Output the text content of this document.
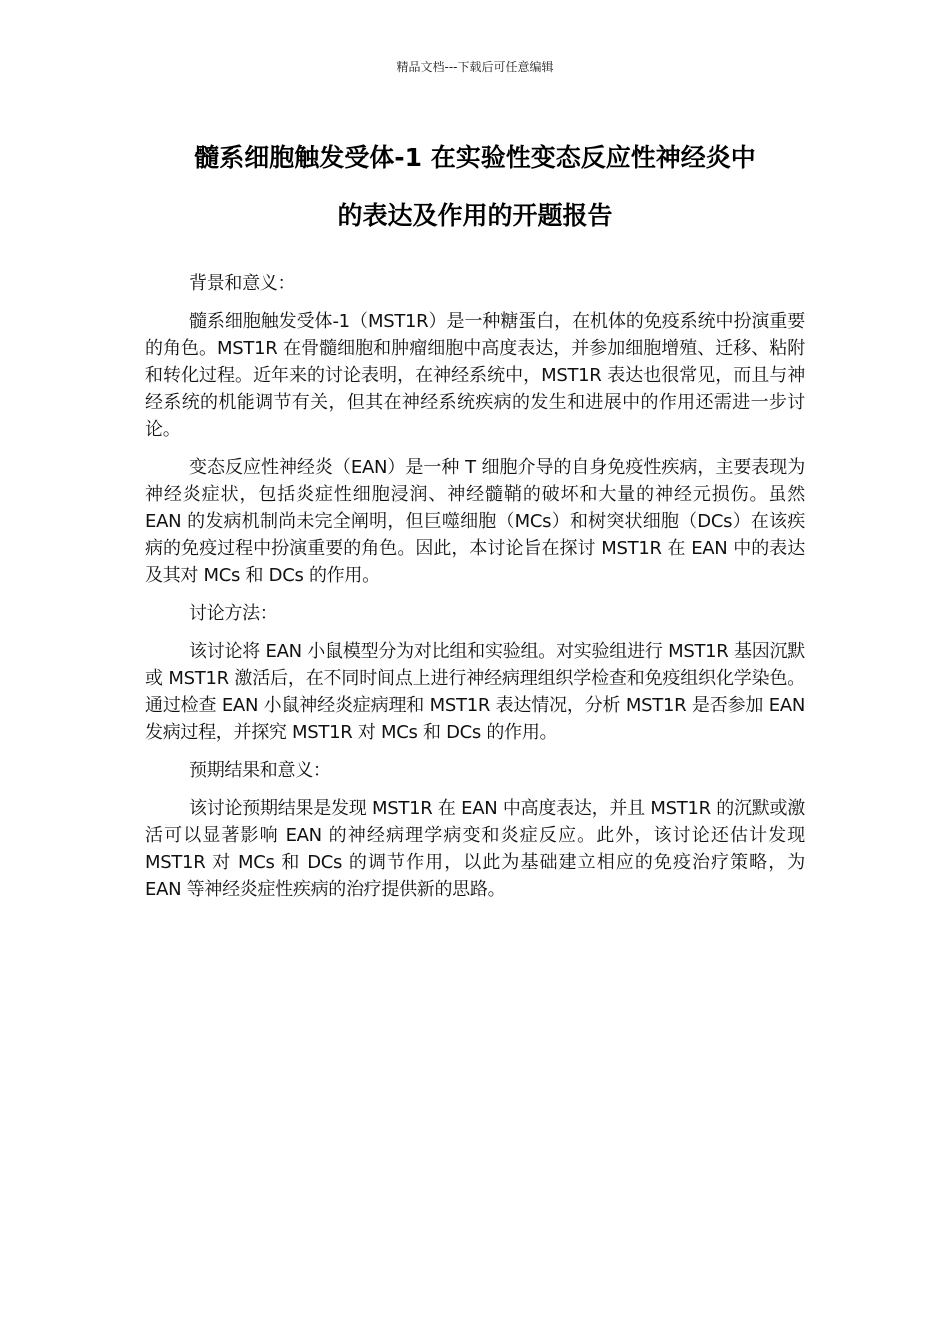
精品文档---下载后可任意编辑
髓系细胞触发受体-1 在实验性变态反应性神经炎中
的表达及作用的开题报告

背景和意义：

髓系细胞触发受体-1（MST1R）是一种糖蛋白，在机体的免疫系统中扮演重要的角色。MST1R 在骨髓细胞和肿瘤细胞中高度表达，并参加细胞增殖、迁移、粘附和转化过程。近年来的讨论表明，在神经系统中，MST1R 表达也很常见，而且与神经系统的机能调节有关，但其在神经系统疾病的发生和进展中的作用还需进一步讨论。

变态反应性神经炎（EAN）是一种 T 细胞介导的自身免疫性疾病，主要表现为神经炎症状，包括炎症性细胞浸润、神经髓鞘的破坏和大量的神经元损伤。虽然 EAN 的发病机制尚未完全阐明，但巨噬细胞（MCs）和树突状细胞（DCs）在该疾病的免疫过程中扮演重要的角色。因此，本讨论旨在探讨 MST1R 在 EAN 中的表达及其对 MCs 和 DCs 的作用。

讨论方法：

该讨论将 EAN 小鼠模型分为对比组和实验组。对实验组进行 MST1R 基因沉默或 MST1R 激活后，在不同时间点上进行神经病理组织学检查和免疫组织化学染色。通过检查 EAN 小鼠神经炎症病理和 MST1R 表达情况，分析 MST1R 是否参加 EAN 发病过程，并探究 MST1R 对 MCs 和 DCs 的作用。

预期结果和意义：

该讨论预期结果是发现 MST1R 在 EAN 中高度表达，并且 MST1R 的沉默或激活可以显著影响 EAN 的神经病理学病变和炎症反应。此外，该讨论还估计发现 MST1R 对 MCs 和 DCs 的调节作用，以此为基础建立相应的免疫治疗策略，为 EAN 等神经炎症性疾病的治疗提供新的思路。
